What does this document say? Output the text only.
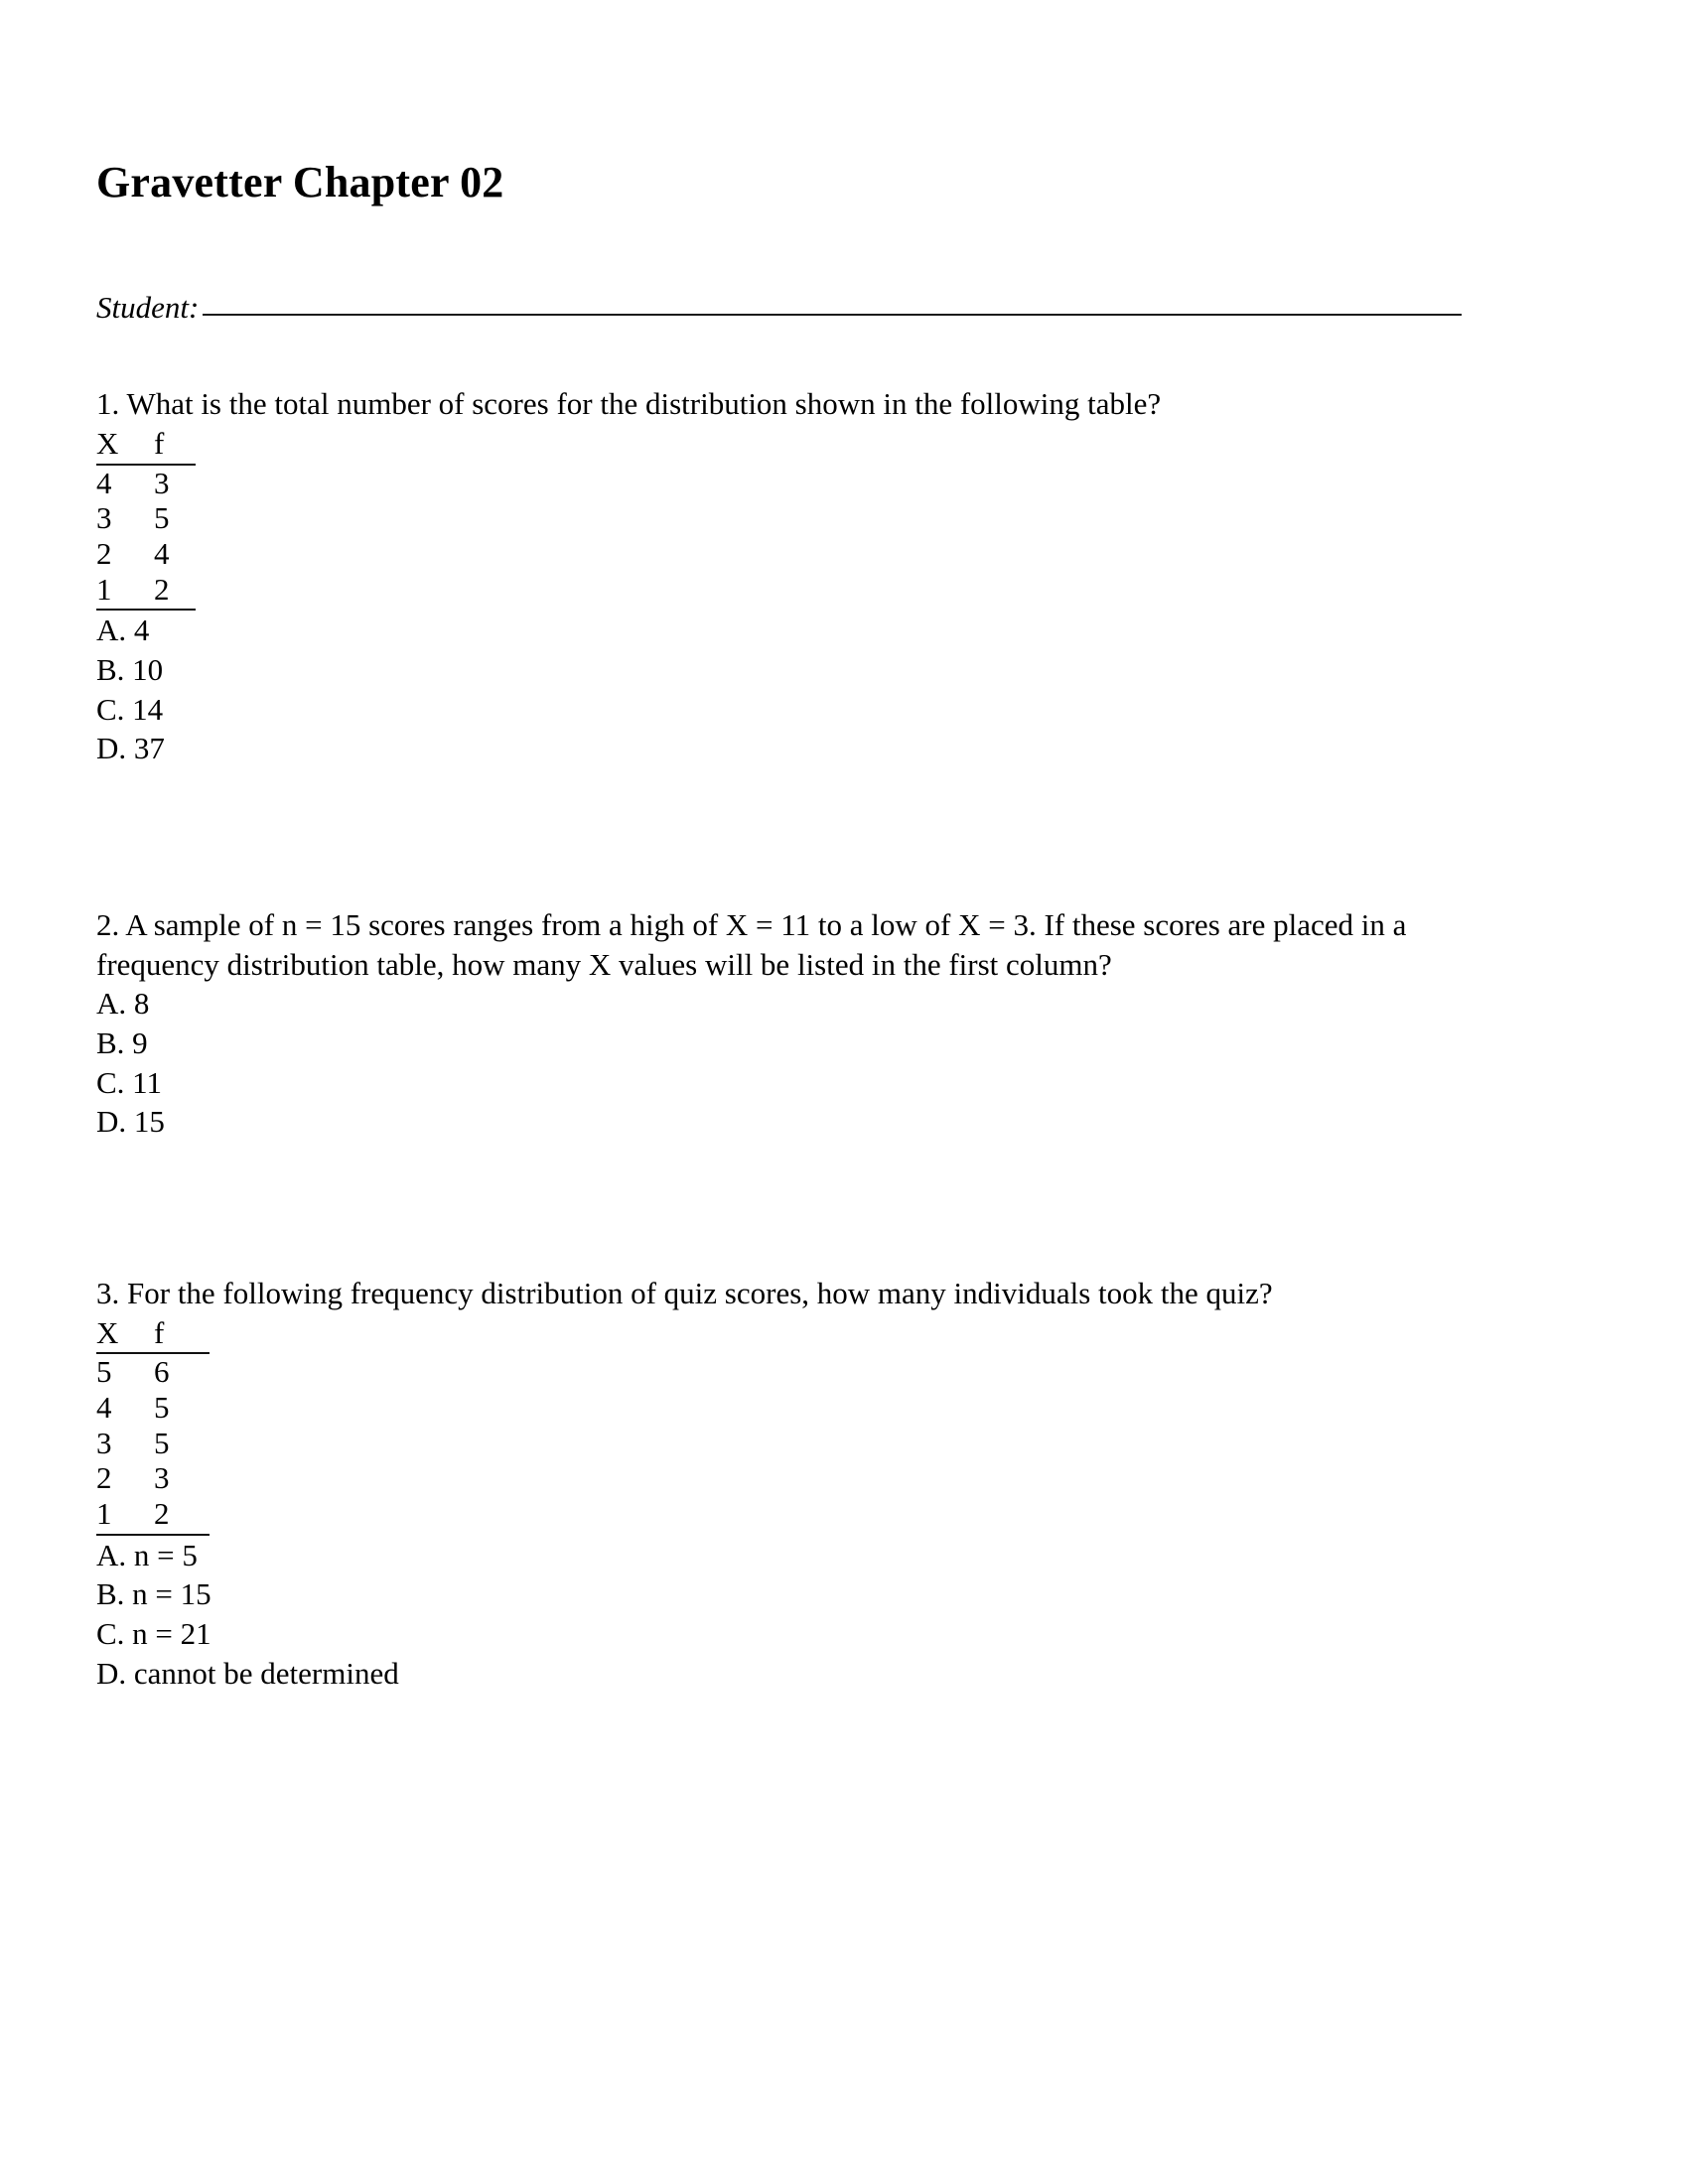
Gravetter Chapter 02
Student:

1. What is the total number of scores for the distribution shown in the following table?

X	f
4	3
3	5
2	4
1	2
A. 4
B. 10
C. 14
D. 37

2. A sample of n = 15 scores ranges from a high of X = 11 to a low of X = 3. If these scores are placed in a frequency distribution table, how many X values will be listed in the first column?

A. 8
B. 9
C. 11
D. 15

3. For the following frequency distribution of quiz scores, how many individuals took the quiz?

X	f
5	6
4	5
3	5
2	3
1	2
A. n = 5
B. n = 15
C. n = 21
D. cannot be determined
